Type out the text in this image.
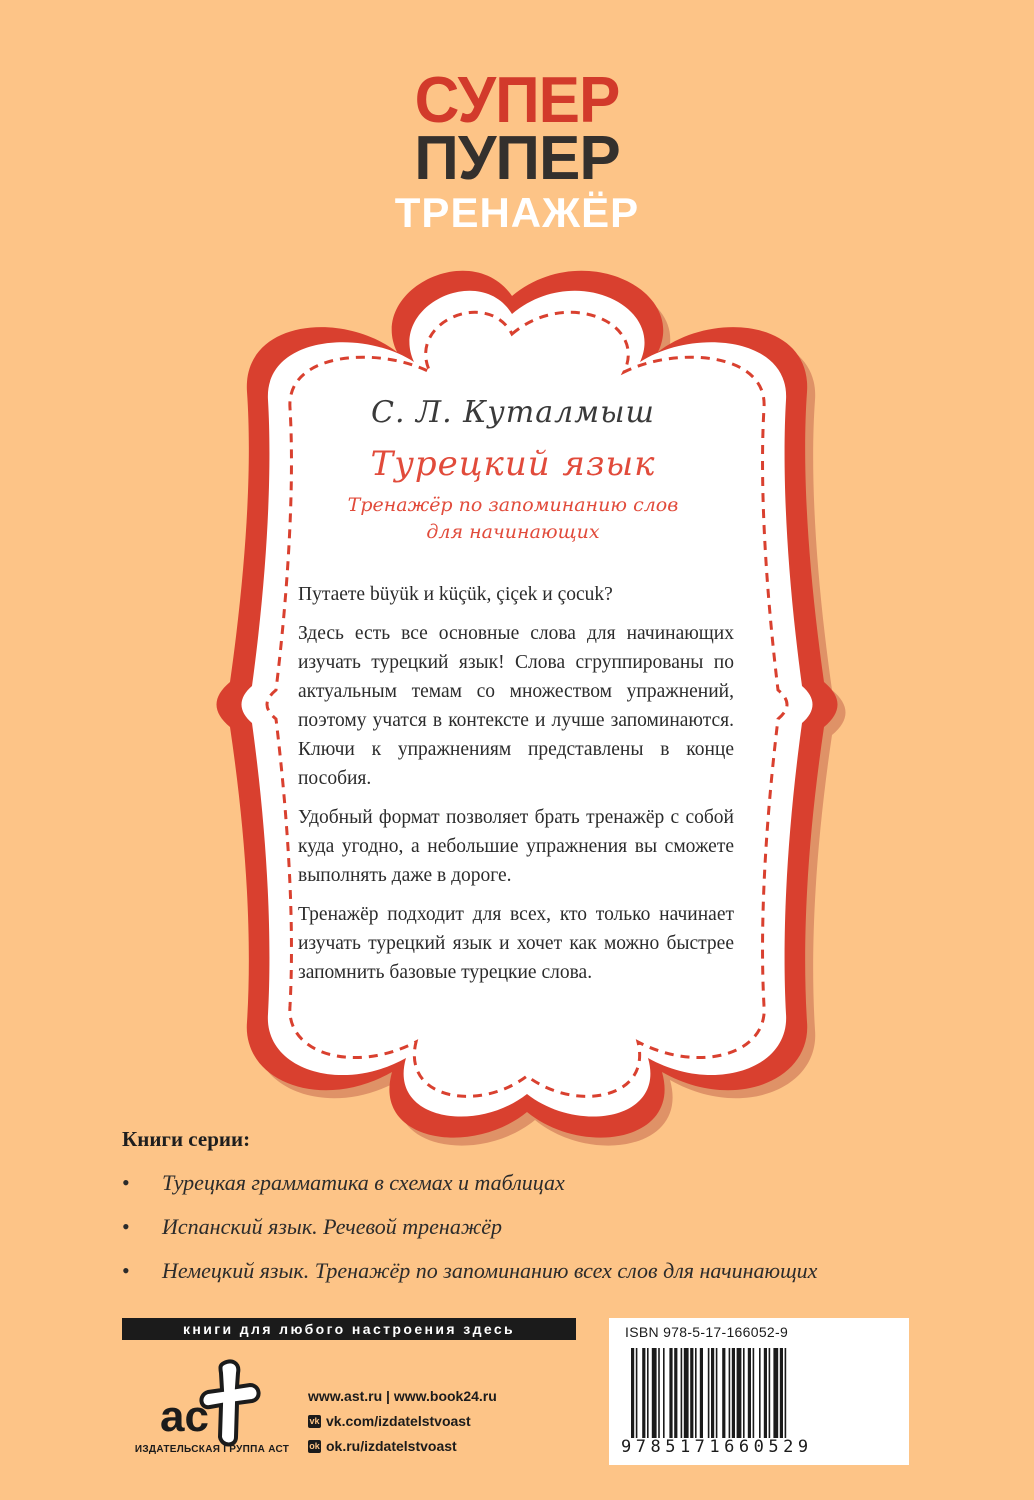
СУПЕР
ПУПЕР
ТРЕНАЖЁР
С. Л. Куталмыш
Турецкий язык
Тренажёр по запоминанию слов
для начинающих

Путаете büyük и küçük, çiçek и çocuk?

Здесь есть все основные слова для начинающих изучать турецкий язык! Слова сгруппированы по актуальным темам со множеством упражнений, поэтому учатся в контексте и лучше запоминаются. Ключи к упражнениям представлены в конце пособия.

Удобный формат позволяет брать тренажёр с собой куда угодно, а небольшие упражнения вы сможете выполнять даже в дороге.

Тренажёр подходит для всех, кто только начинает изучать турецкий язык и хочет как можно быстрее запомнить базовые турецкие слова.

Книги серии:
• Турецкая грамматика в схемах и таблицах
• Испанский язык. Речевой тренажёр
• Немецкий язык. Тренажёр по запоминанию всех слов для начинающих
книги для любого настроения здесь
ас
ИЗДАТЕЛЬСКАЯ ГРУППА АСТ
www.ast.ru | www.book24.ru
vk vk.com/izdatelstvoast
ok ok.ru/izdatelstvoast
ISBN 978-5-17-166052-9
9785171660529
